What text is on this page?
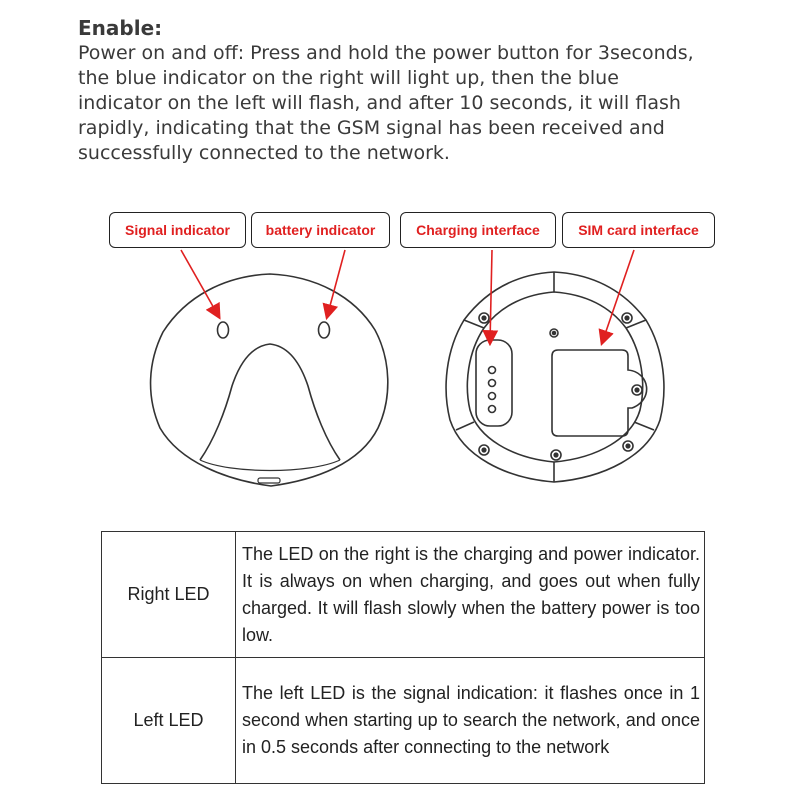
Enable:
Power on and off: Press and hold the power button for 3seconds,
the blue indicator on the right will light up, then the blue
indicator on the left will flash, and after 10 seconds, it will flash
rapidly, indicating that the GSM signal has been received and
successfully connected to the network.
Signal indicator	battery indicator	Charging interface	SIM card interface
Right LED	The LED on the right is the charging and power indicator. It is always on when charging, and goes out when fully charged. It will flash slowly when the battery power is too low.
Left LED	The left LED is the signal indication: it flashes once in 1 second when starting up to search the network, and once in 0.5 seconds after connecting to the network
